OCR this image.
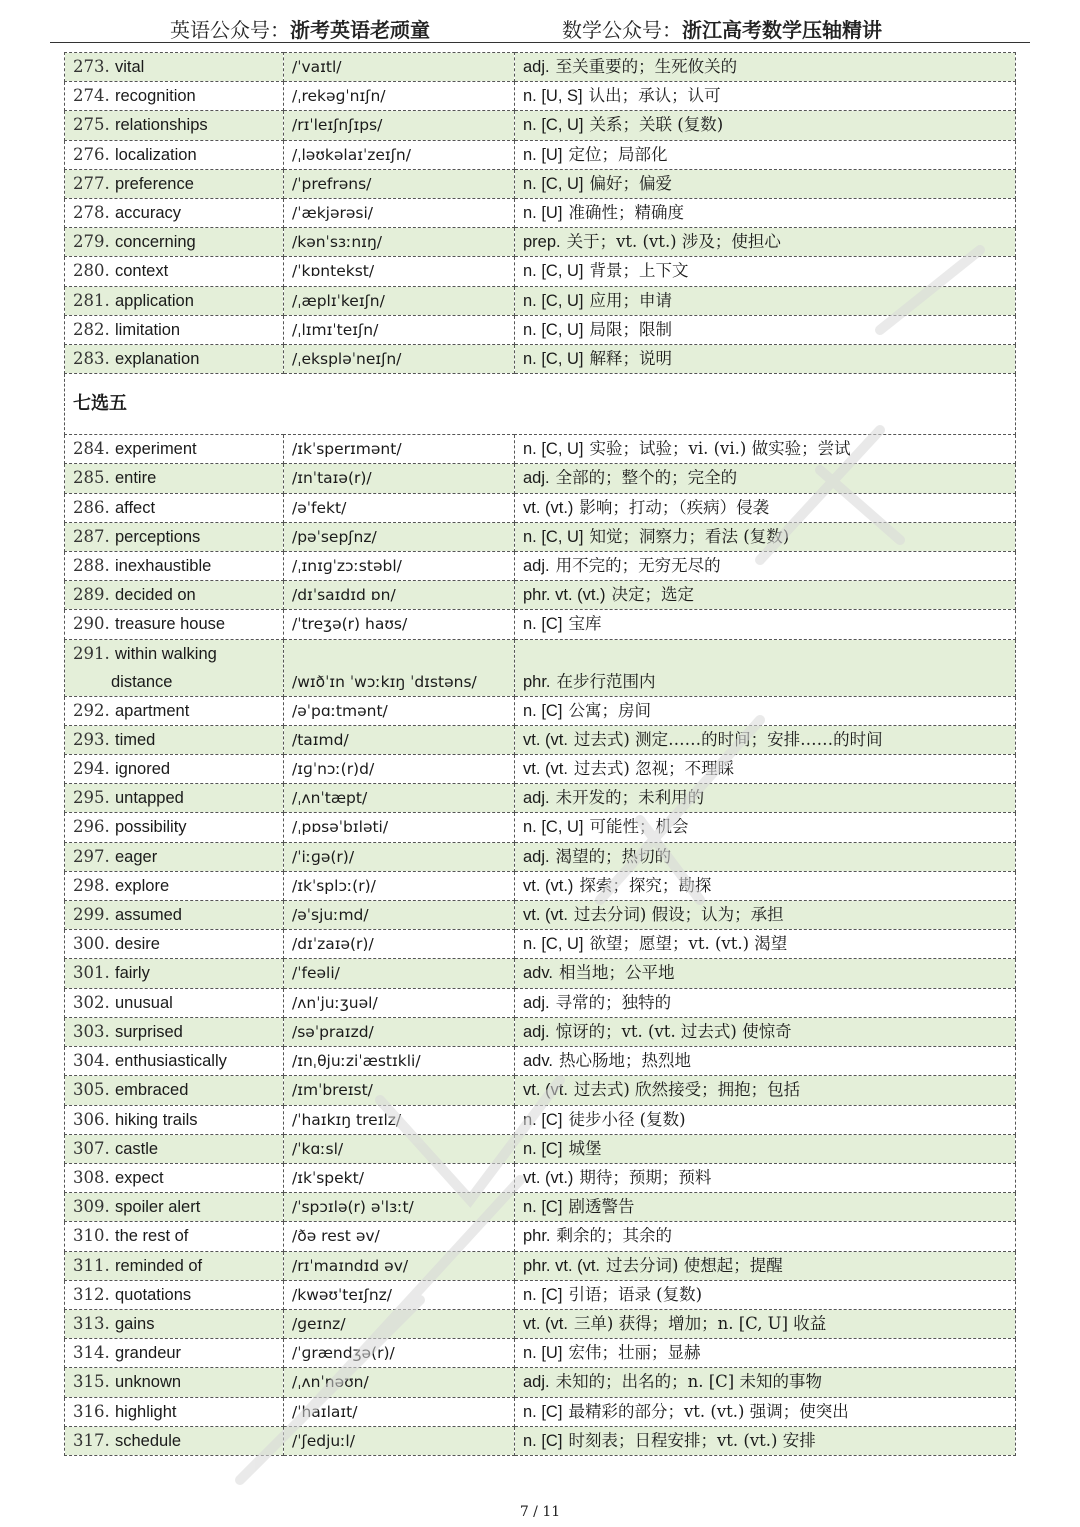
英语公众号：浙考英语老顽童	数学公众号：浙江高考数学压轴精讲
273. vital	/ˈvaɪtl/	adj. 至关重要的；生死攸关的
274. recognition	/ˌrekəɡˈnɪʃn/	n. [U, S] 认出；承认；认可
275. relationships	/rɪˈleɪʃnʃɪps/	n. [C, U] 关系；关联 (复数)
276. localization	/ˌləʊkəlaɪˈzeɪʃn/	n. [U] 定位；局部化
277. preference	/ˈprefrəns/	n. [C, U] 偏好；偏爱
278. accuracy	/ˈækjərəsi/	n. [U] 准确性；精确度
279. concerning	/kənˈsɜːnɪŋ/	prep. 关于；vt. (vt.) 涉及；使担心
280. context	/ˈkɒntekst/	n. [C, U] 背景；上下文
281. application	/ˌæplɪˈkeɪʃn/	n. [C, U] 应用；申请
282. limitation	/ˌlɪmɪˈteɪʃn/	n. [C, U] 局限；限制
283. explanation	/ˌekspləˈneɪʃn/	n. [C, U] 解释；说明
七选五		
284. experiment	/ɪkˈsperɪmənt/	n. [C, U] 实验；试验；vi. (vi.) 做实验；尝试
285. entire	/ɪnˈtaɪə(r)/	adj. 全部的；整个的；完全的
286. affect	/əˈfekt/	vt. (vt.) 影响；打动；（疾病）侵袭
287. perceptions	/pəˈsepʃnz/	n. [C, U] 知觉；洞察力；看法 (复数)
288. inexhaustible	/ˌɪnɪɡˈzɔːstəbl/	adj. 用不完的；无穷无尽的
289. decided on	/dɪˈsaɪdɪd ɒn/	phr. vt. (vt.) 决定；选定
290. treasure house	/ˈtreʒə(r) haʊs/	n. [C] 宝库
291. within walking
distance	/wɪðˈɪn ˈwɔːkɪŋ ˈdɪstəns/	phr. 在步行范围内
292. apartment	/əˈpɑːtmənt/	n. [C] 公寓；房间
293. timed	/taɪmd/	vt. (vt. 过去式) 测定……的时间；安排……的时间
294. ignored	/ɪɡˈnɔː(r)d/	vt. (vt. 过去式) 忽视；不理睬
295. untapped	/ˌʌnˈtæpt/	adj. 未开发的；未利用的
296. possibility	/ˌpɒsəˈbɪləti/	n. [C, U] 可能性；机会
297. eager	/ˈiːɡə(r)/	adj. 渴望的；热切的
298. explore	/ɪkˈsplɔː(r)/	vt. (vt.) 探索；探究；勘探
299. assumed	/əˈsjuːmd/	vt. (vt. 过去分词) 假设；认为；承担
300. desire	/dɪˈzaɪə(r)/	n. [C, U] 欲望；愿望；vt. (vt.) 渴望
301. fairly	/ˈfeəli/	adv. 相当地；公平地
302. unusual	/ʌnˈjuːʒuəl/	adj. 寻常的；独特的
303. surprised	/səˈpraɪzd/	adj. 惊讶的；vt. (vt. 过去式) 使惊奇
304. enthusiastically	/ɪnˌθjuːziˈæstɪkli/	adv. 热心肠地；热烈地
305. embraced	/ɪmˈbreɪst/	vt. (vt. 过去式) 欣然接受；拥抱；包括
306. hiking trails	/ˈhaɪkɪŋ treɪlz/	n. [C] 徒步小径 (复数)
307. castle	/ˈkɑːsl/	n. [C] 城堡
308. expect	/ɪkˈspekt/	vt. (vt.) 期待；预期；预料
309. spoiler alert	/ˈspɔɪlə(r) əˈlɜːt/	n. [C] 剧透警告
310. the rest of	/ðə rest əv/	phr. 剩余的；其余的
311. reminded of	/rɪˈmaɪndɪd əv/	phr. vt. (vt. 过去分词) 使想起；提醒
312. quotations	/kwəʊˈteɪʃnz/	n. [C] 引语；语录 (复数)
313. gains	/ɡeɪnz/	vt. (vt. 三单) 获得；增加；n. [C, U] 收益
314. grandeur	/ˈɡrændʒə(r)/	n. [U] 宏伟；壮丽；显赫
315. unknown	/ˌʌnˈnəʊn/	adj. 未知的；出名的；n. [C] 未知的事物
316. highlight	/ˈhaɪlaɪt/	n. [C] 最精彩的部分；vt. (vt.) 强调；使突出
317. schedule	/ˈʃedjuːl/	n. [C] 时刻表；日程安排；vt. (vt.) 安排
7 / 11
